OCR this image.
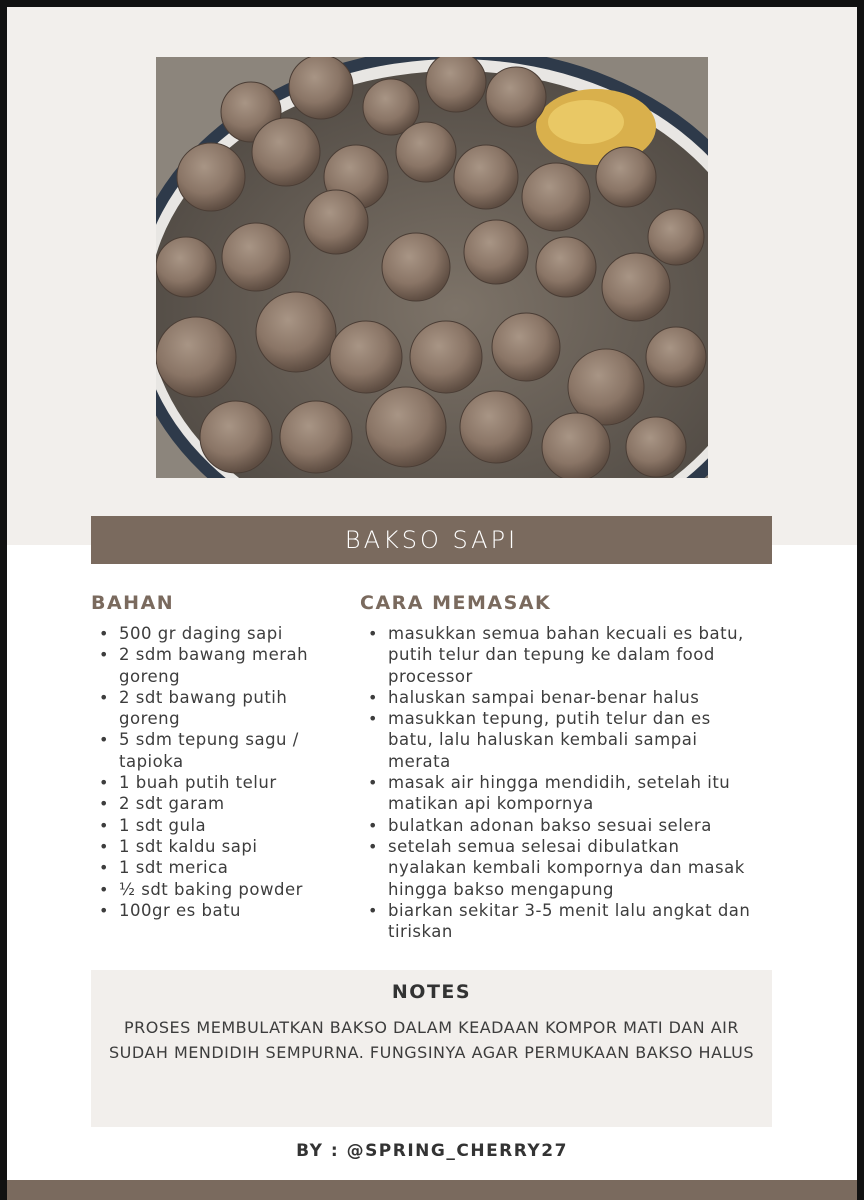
BAKSO SAPI
BAHAN
• 500 gr daging sapi
• 2 sdm bawang merah goreng
• 2 sdt bawang putih goreng
• 5 sdm tepung sagu / tapioka
• 1 buah putih telur
• 2 sdt garam
• 1 sdt gula
• 1 sdt kaldu sapi
• 1 sdt merica
• ½ sdt baking powder
• 100gr es batu
CARA MEMASAK
• masukkan semua bahan kecuali es batu, putih telur dan tepung ke dalam food processor
• haluskan sampai benar-benar halus
• masukkan tepung, putih telur dan es batu, lalu haluskan kembali sampai merata
• masak air hingga mendidih, setelah itu matikan api kompornya
• bulatkan adonan bakso sesuai selera
• setelah semua selesai dibulatkan nyalakan kembali kompornya dan masak hingga bakso mengapung
• biarkan sekitar 3-5 menit lalu angkat dan tiriskan
NOTES
PROSES MEMBULATKAN BAKSO DALAM KEADAAN KOMPOR MATI DAN AIR SUDAH MENDIDIH SEMPURNA. FUNGSINYA AGAR PERMUKAAN BAKSO HALUS
BY : @SPRING_CHERRY27
